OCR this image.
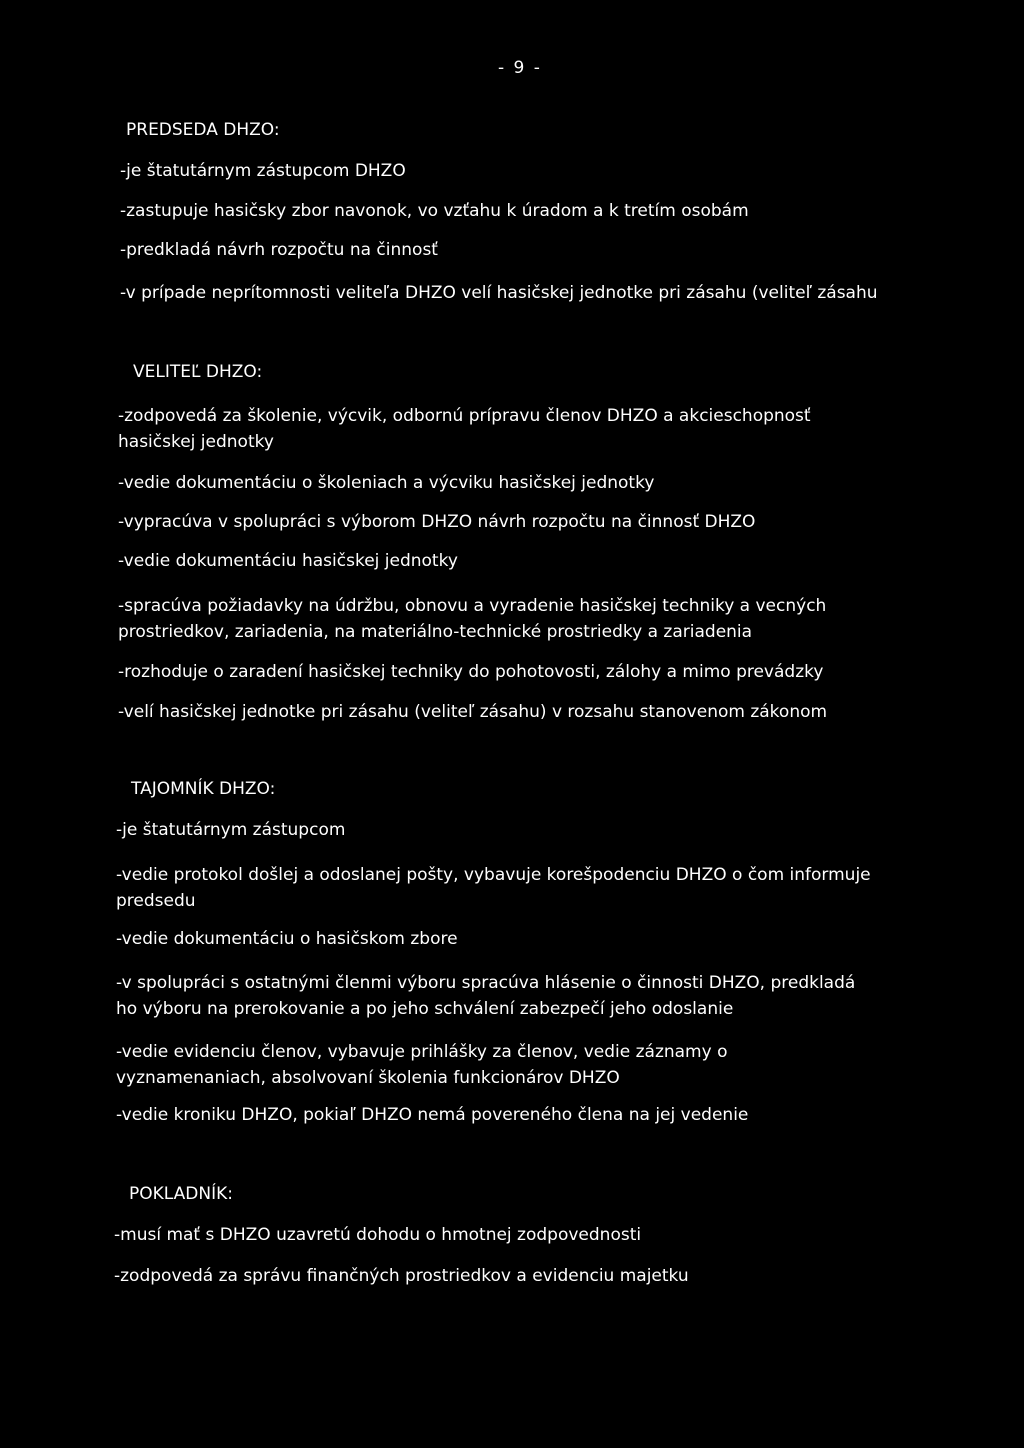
- 9 -
PREDSEDA DHZO:
-je štatutárnym zástupcom DHZO
-zastupuje hasičsky zbor navonok, vo vzťahu k úradom a k tretím osobám
-predkladá návrh rozpočtu na činnosť
-v prípade neprítomnosti veliteľa DHZO velí hasičskej jednotke pri zásahu (veliteľ zásahu
VELITEĽ DHZO:
-zodpovedá za školenie, výcvik, odbornú prípravu členov DHZO a akcieschopnosť hasičskej jednotky
-vedie dokumentáciu o školeniach a výcviku hasičskej jednotky
-vypracúva v spolupráci s výborom DHZO návrh rozpočtu na činnosť DHZO
-vedie dokumentáciu hasičskej jednotky
-spracúva požiadavky na údržbu, obnovu a vyradenie hasičskej techniky a vecných prostriedkov, zariadenia, na materiálno-technické prostriedky a zariadenia
-rozhoduje o zaradení hasičskej techniky do pohotovosti, zálohy a mimo prevádzky
-velí hasičskej jednotke pri zásahu (veliteľ zásahu) v rozsahu stanovenom zákonom
TAJOMNÍK DHZO:
-je štatutárnym zástupcom
-vedie protokol došlej a odoslanej pošty, vybavuje korešpodenciu DHZO o čom informuje predsedu
-vedie dokumentáciu o hasičskom zbore
-v spolupráci s ostatnými členmi výboru spracúva hlásenie o činnosti DHZO, predkladá ho výboru na prerokovanie a po jeho schválení zabezpečí jeho odoslanie
-vedie evidenciu členov, vybavuje prihlášky za členov, vedie záznamy o vyznamenaniach, absolvovaní školenia funkcionárov DHZO
-vedie kroniku DHZO, pokiaľ DHZO nemá povereného člena na jej vedenie
POKLADNÍK:
-musí mať s DHZO uzavretú dohodu o hmotnej zodpovednosti
-zodpovedá za správu finančných prostriedkov a evidenciu majetku
